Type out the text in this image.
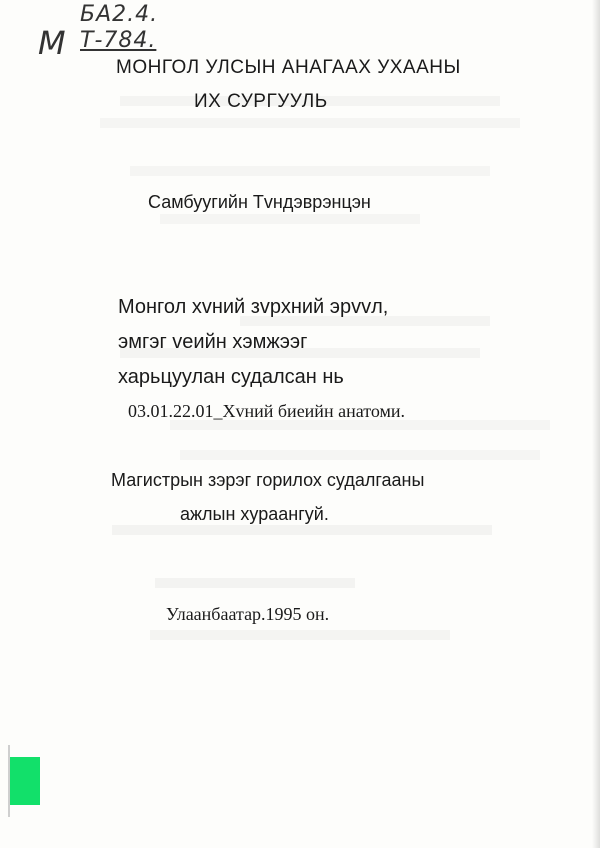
М
БА2.4.
Т-784.
МОНГОЛ УЛСЫН АНАГААХ УХААНЫ
ИХ СУРГУУЛЬ
Самбуугийн Тvндэврэнцэн
Монгол хvний зvрхний эрvvл,
эмгэг vеийн хэмжээг
харьцуулан судалсан нь
03.01.22.01_Хvний биеийн анатоми.
Магистрын зэрэг горилох судалгааны
ажлын хураангуй.
Улаанбаатар.1995 он.
